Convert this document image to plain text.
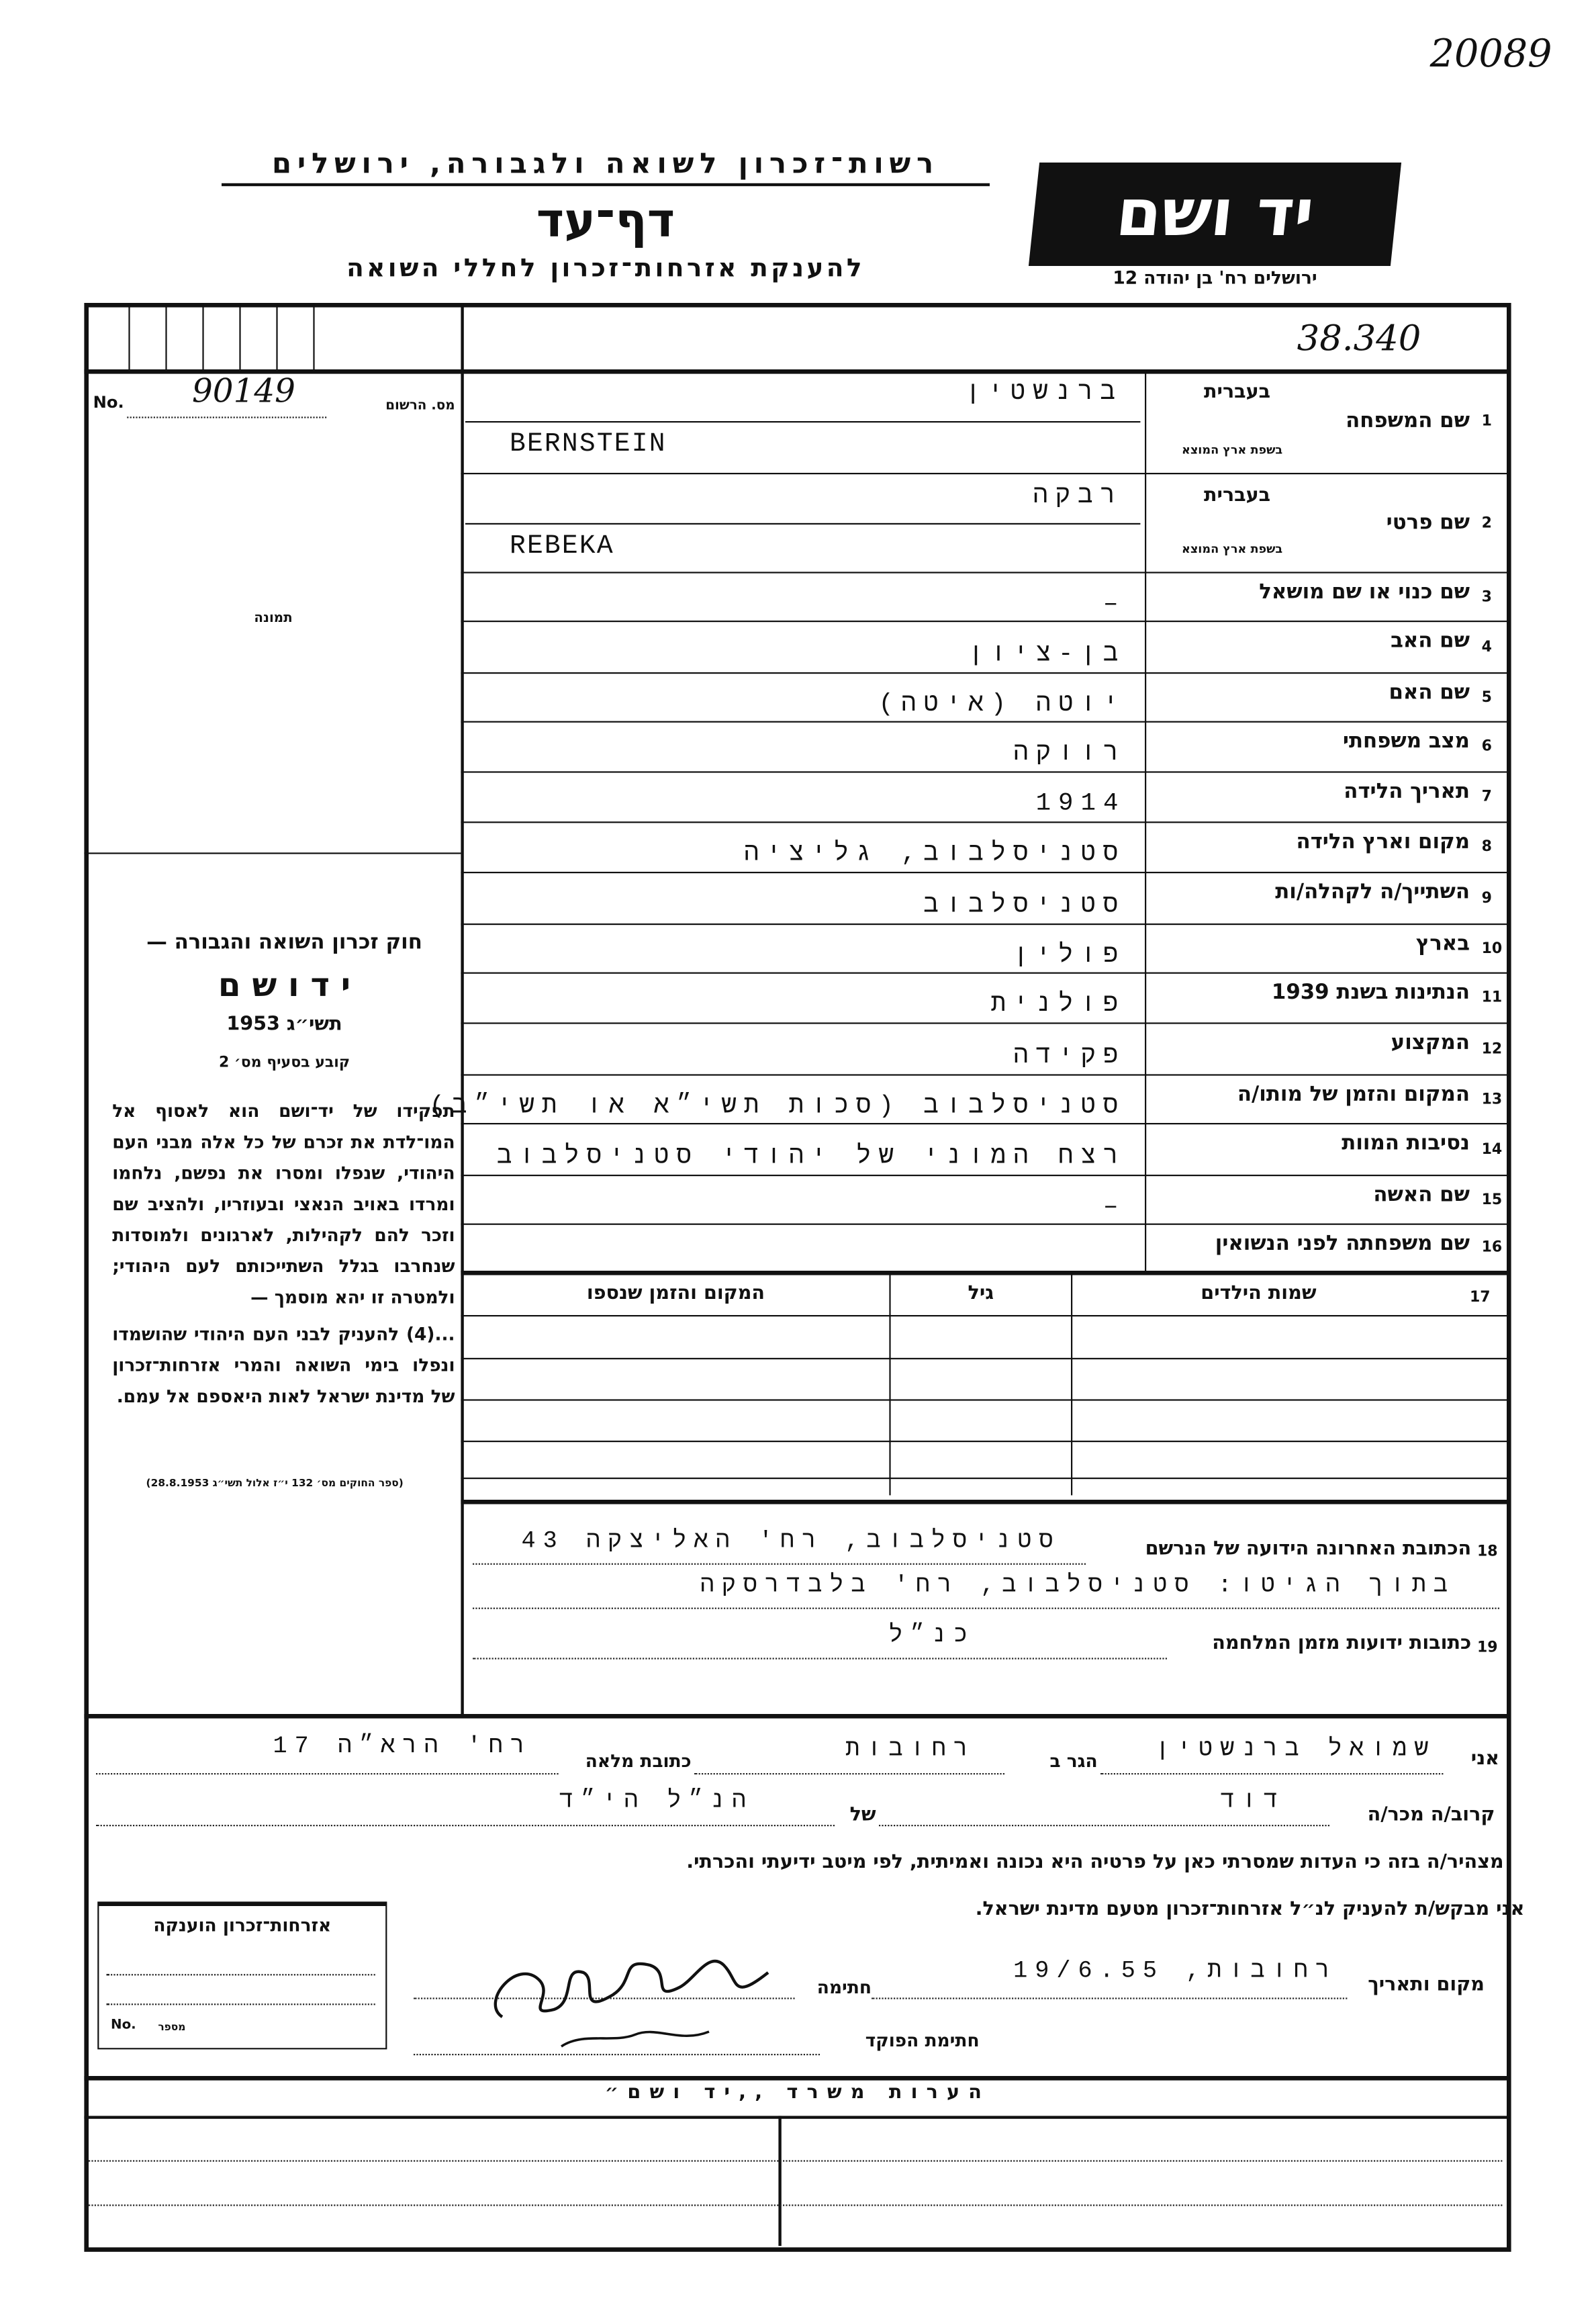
20089
רשות־זכרון לשואה ולגבורה, ירושלים
דף־עד
להענקת אזרחות־זכרון לחללי השואה
יד ושם
ירושלים רח' בן יהודה 12
38.340
No.	90149	מס. הרשום
תמונה
חוק זכרון השואה והגבורה —
י ד ו ש ם
תשי״ג 1953
קובע בסעיף מס׳ 2
תפקידו של יד־ושם הוא לאסוף אל המו־לדת את זכרם של כל אלה מבני העם היהודי, שנפלו ומסרו את נפשם, נלחמו ומרדו באויב הנאצי ובעוזריו, ולהציב שם וזכר להם לקהילות, לארגונים ולמוסדות שנחרבו בגלל השתייכותם לעם היהודי; ולמטרה זו יהא מוסמך —
...(4) להעניק לבני העם היהודי שהושמדו ונפלו בימי השואה והמרי אזרחות־זכרון של מדינת ישראל לאות היאספם אל עמם.
(ספר החוקים מס׳ 132 י״ז אלול תשי״ג 28.8.1953)
1
בעברית
שם המשפחה
בשפת ארץ המוצא
ברנשטין
BERNSTEIN
2
בעברית
שם פרטי
בשפת ארץ המוצא
רבקה
REBEKA
3
שם כנוי או שם מושאל
–
4
שם האב
בן-ציון
5
שם האם
יוטה (איטה)
6
מצב משפחתי
רווקה
7
תאריך הלידה
1914
8
מקום וארץ הלידה
סטניסלבוב, גליציה
9
השתייך/ה לקהלה/ות
סטניסלבוב
10
בארץ
פולין
11
הנתינות בשנת 1939
פולנית
12
המקצוע
פקידה
13
המקום והזמן של מותו/ה
סטניסלבוב (סכות תשי״א או תשי״ב)
14
נסיבות המוות
רצח המוני של יהודי סטניסלבוב
15
שם האשה
–
16
שם משפחתה לפני הנשואין
17
שמות הילדים
גיל
המקום והזמן שנספו
18
הכתובת האחרונה הידועה של הנרשם
סטניסלבוב, רח' האליצקה 43
בתוך הגיטו: סטניסלבוב, רח' בלבדרסקה
19
כתובות ידועות מזמן המלחמה
כנ״ל
אני
שמואל ברנשטין
הגר ב
רחובות
כתובת מלאה
רח' הרא״ה 17
קרוב/ה מכר/ה
דוד
של
הנ״ל הי״ד
מצהיר/ה בזה כי העדות שמסרתי כאן על פרטיה היא נכונה ואמיתית, לפי מיטב ידיעתי והכרתי.
אני מבקש/ת להעניק לנ״ל אזרחות־זכרון מטעם מדינת ישראל.
אזרחות־זכרון הוענקה
No.	מספר
מקום ותאריך
רחובות, 19/6.55
חתימה
חתימת הפוקד
הערות משרד ,,יד ושם״
